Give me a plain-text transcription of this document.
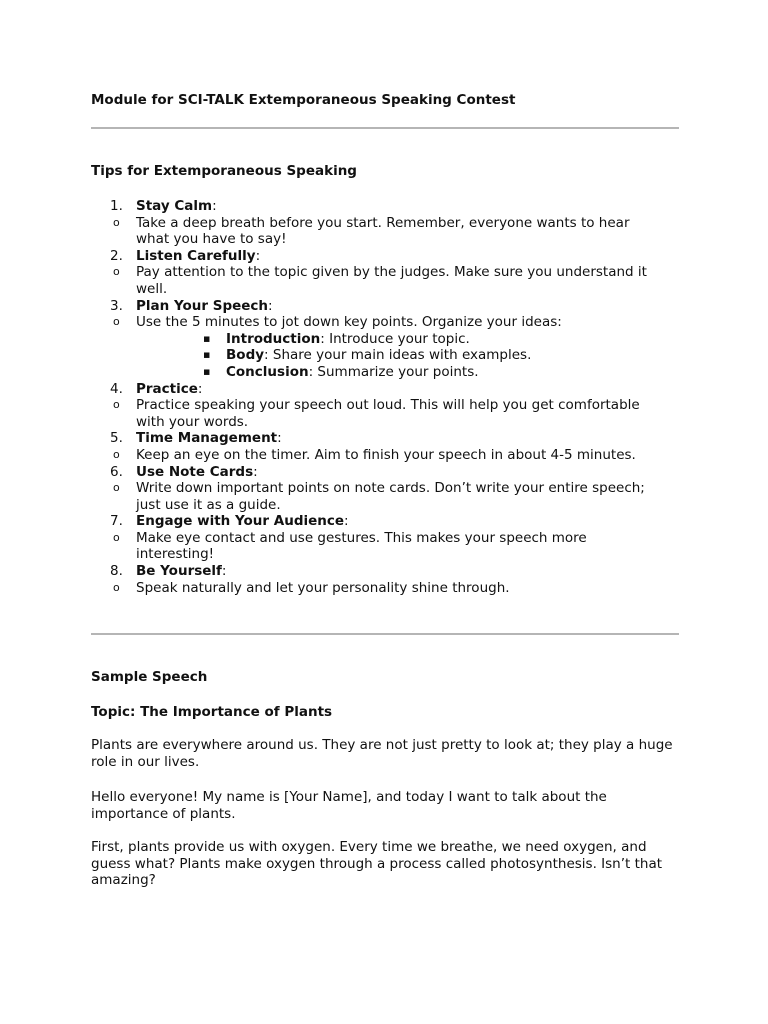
Module for SCI-TALK Extemporaneous Speaking Contest
Tips for Extemporaneous Speaking
1. Stay Calm:
o Take a deep breath before you start. Remember, everyone wants to hear what you have to say!
2. Listen Carefully:
o Pay attention to the topic given by the judges. Make sure you understand it well.
3. Plan Your Speech:
o Use the 5 minutes to jot down key points. Organize your ideas:
▪ Introduction: Introduce your topic.
▪ Body: Share your main ideas with examples.
▪ Conclusion: Summarize your points.
4. Practice:
o Practice speaking your speech out loud. This will help you get comfortable with your words.
5. Time Management:
o Keep an eye on the timer. Aim to finish your speech in about 4-5 minutes.
6. Use Note Cards:
o Write down important points on note cards. Don’t write your entire speech; just use it as a guide.
7. Engage with Your Audience:
o Make eye contact and use gestures. This makes your speech more interesting!
8. Be Yourself:
o Speak naturally and let your personality shine through.
Sample Speech
Topic: The Importance of Plants
Plants are everywhere around us. They are not just pretty to look at; they play a huge role in our lives.
Hello everyone! My name is [Your Name], and today I want to talk about the importance of plants.
First, plants provide us with oxygen. Every time we breathe, we need oxygen, and guess what? Plants make oxygen through a process called photosynthesis. Isn’t that amazing?
